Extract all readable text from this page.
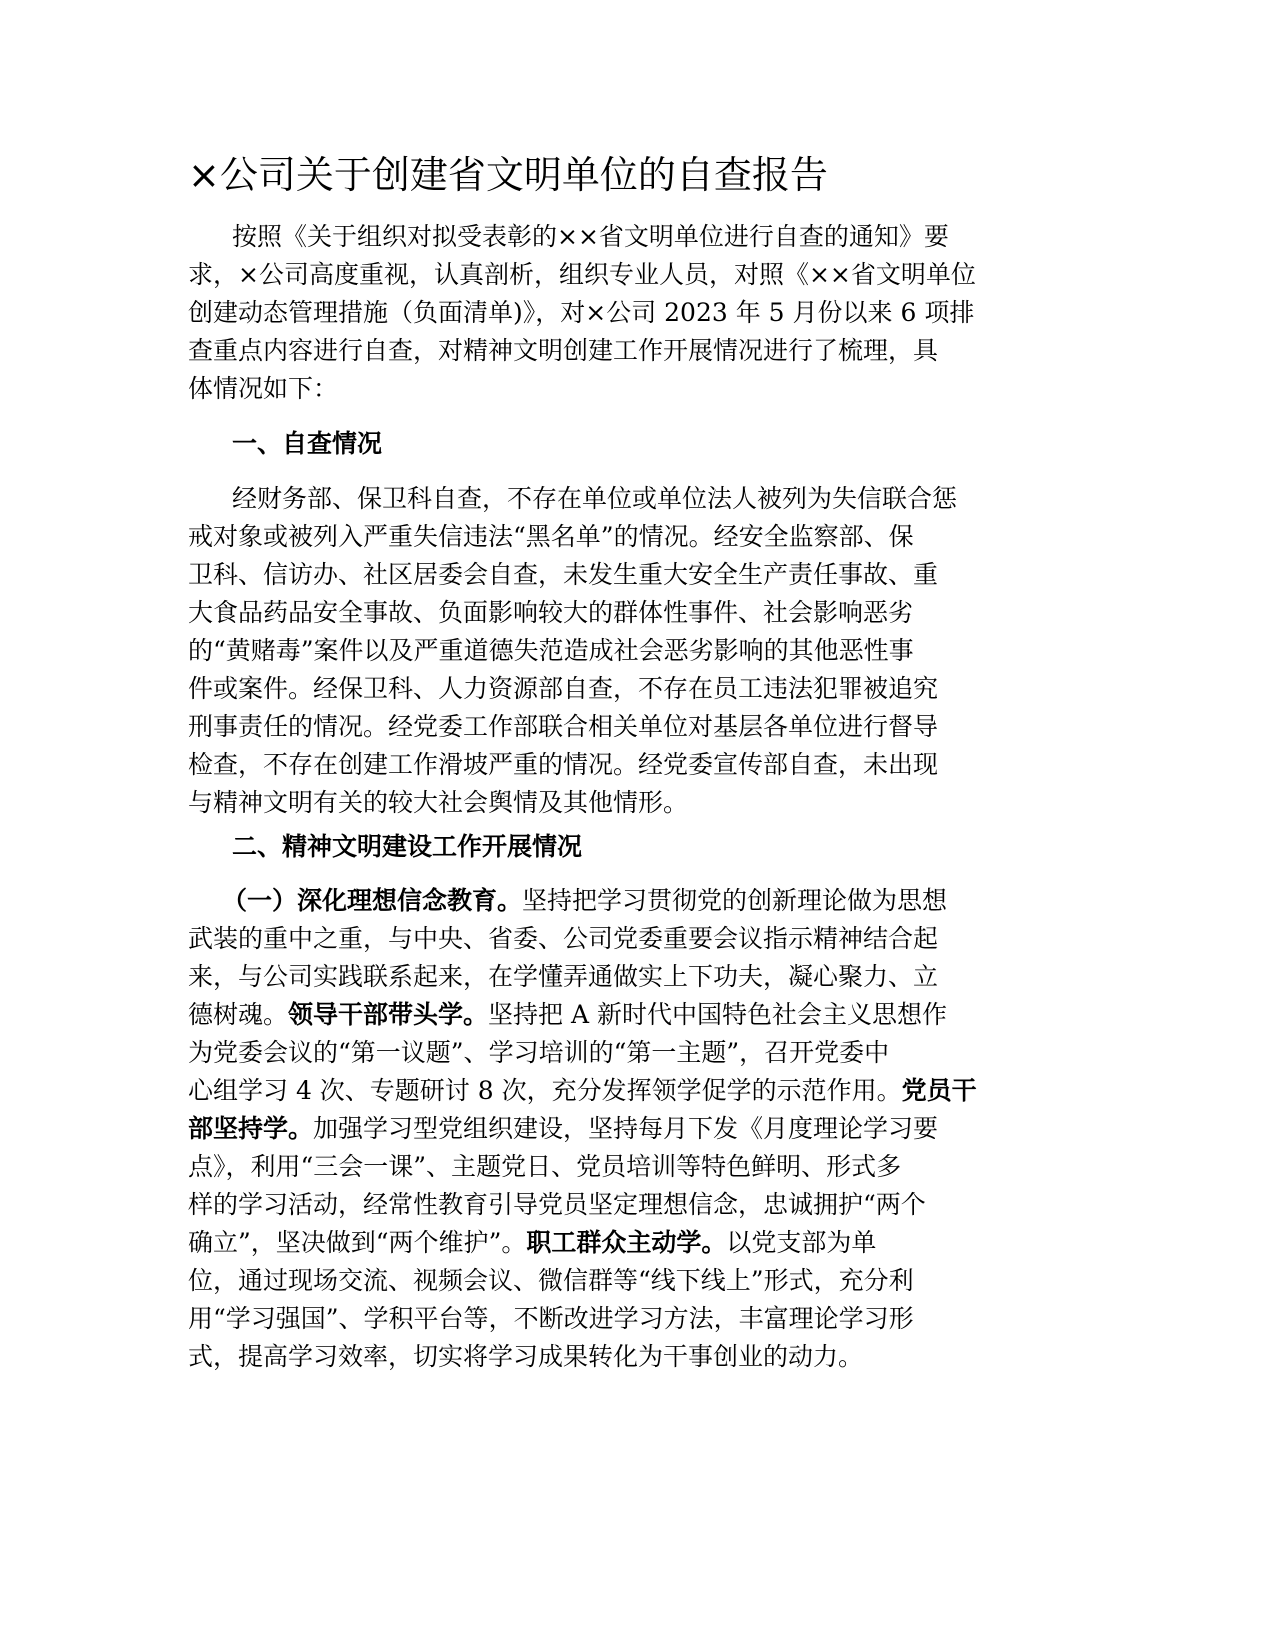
×公司关于创建省文明单位的自查报告

按照《关于组织对拟受表彰的××省文明单位进行自查的通知》要

求，×公司高度重视，认真剖析，组织专业人员，对照《××省文明单位

创建动态管理措施（负面清单)》，对×公司 2023 年 5 月份以来 6 项排

查重点内容进行自查，对精神文明创建工作开展情况进行了梳理，具

体情况如下：

一、自查情况

经财务部、保卫科自查，不存在单位或单位法人被列为失信联合惩

戒对象或被列入严重失信违法“黑名单”的情况。经安全监察部、保

卫科、信访办、社区居委会自查，未发生重大安全生产责任事故、重

大食品药品安全事故、负面影响较大的群体性事件、社会影响恶劣

的“黄赌毒”案件以及严重道德失范造成社会恶劣影响的其他恶性事

件或案件。经保卫科、人力资源部自查，不存在员工违法犯罪被追究

刑事责任的情况。经党委工作部联合相关单位对基层各单位进行督导

检查，不存在创建工作滑坡严重的情况。经党委宣传部自查，未出现

与精神文明有关的较大社会舆情及其他情形。

二、精神文明建设工作开展情况

（一）深化理想信念教育。坚持把学习贯彻党的创新理论做为思想

武装的重中之重，与中央、省委、公司党委重要会议指示精神结合起

来，与公司实践联系起来，在学懂弄通做实上下功夫，凝心聚力、立

德树魂。领导干部带头学。坚持把 A 新时代中国特色社会主义思想作

为党委会议的“第一议题”、学习培训的“第一主题”，召开党委中

心组学习 4 次、专题研讨 8 次，充分发挥领学促学的示范作用。党员干

部坚持学。加强学习型党组织建设，坚持每月下发《月度理论学习要

点》，利用“三会一课”、主题党日、党员培训等特色鲜明、形式多

样的学习活动，经常性教育引导党员坚定理想信念，忠诚拥护“两个

确立”，坚决做到“两个维护”。职工群众主动学。以党支部为单

位，通过现场交流、视频会议、微信群等“线下线上”形式，充分利

用“学习强国”、学积平台等，不断改进学习方法，丰富理论学习形

式，提高学习效率，切实将学习成果转化为干事创业的动力。
